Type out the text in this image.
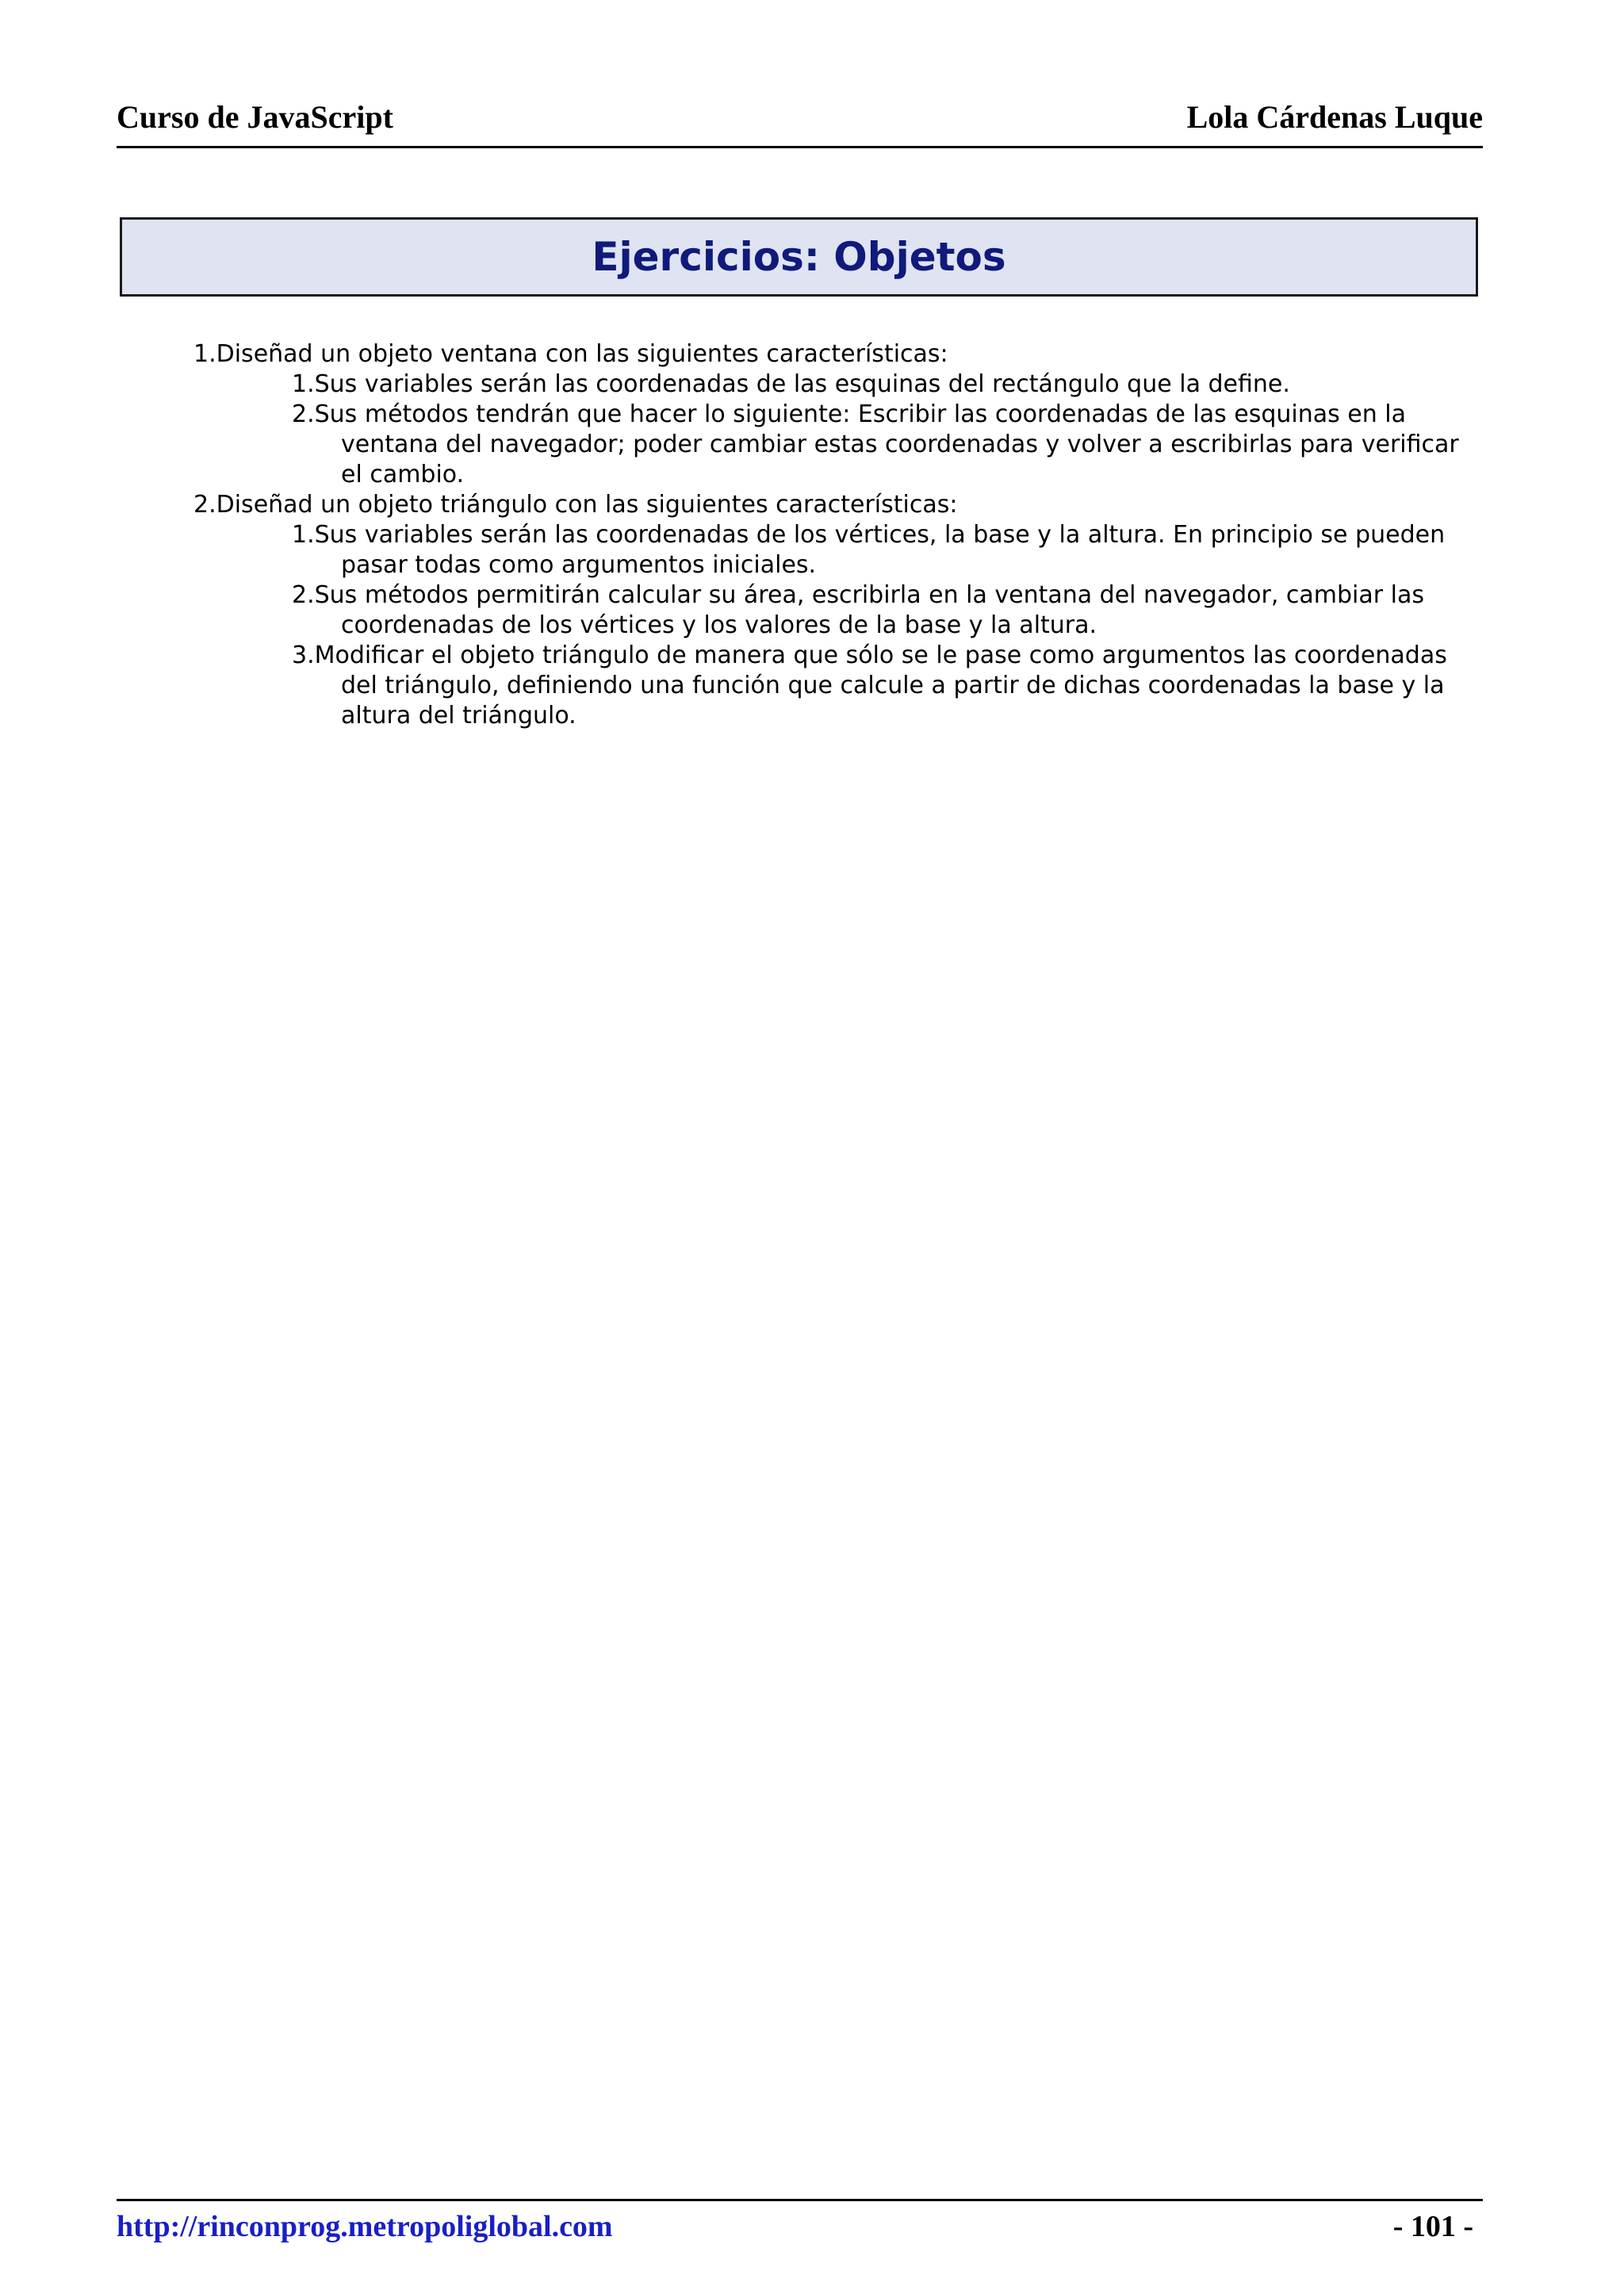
Curso de JavaScript	Lola Cárdenas Luque
Ejercicios: Objetos

1.Diseñad un objeto ventana con las siguientes características:

1.Sus variables serán las coordenadas de las esquinas del rectángulo que la define.

2.Sus métodos tendrán que hacer lo siguiente: Escribir las coordenadas de las esquinas en la ventana del navegador; poder cambiar estas coordenadas y volver a escribirlas para verificar el cambio.

2.Diseñad un objeto triángulo con las siguientes características:

1.Sus variables serán las coordenadas de los vértices, la base y la altura. En principio se pueden pasar todas como argumentos iniciales.

2.Sus métodos permitirán calcular su área, escribirla en la ventana del navegador, cambiar las coordenadas de los vértices y los valores de la base y la altura.

3.Modificar el objeto triángulo de manera que sólo se le pase como argumentos las coordenadas del triángulo, definiendo una función que calcule a partir de dichas coordenadas la base y la altura del triángulo.

http://rinconprog.metropoliglobal.com	- 101 -
